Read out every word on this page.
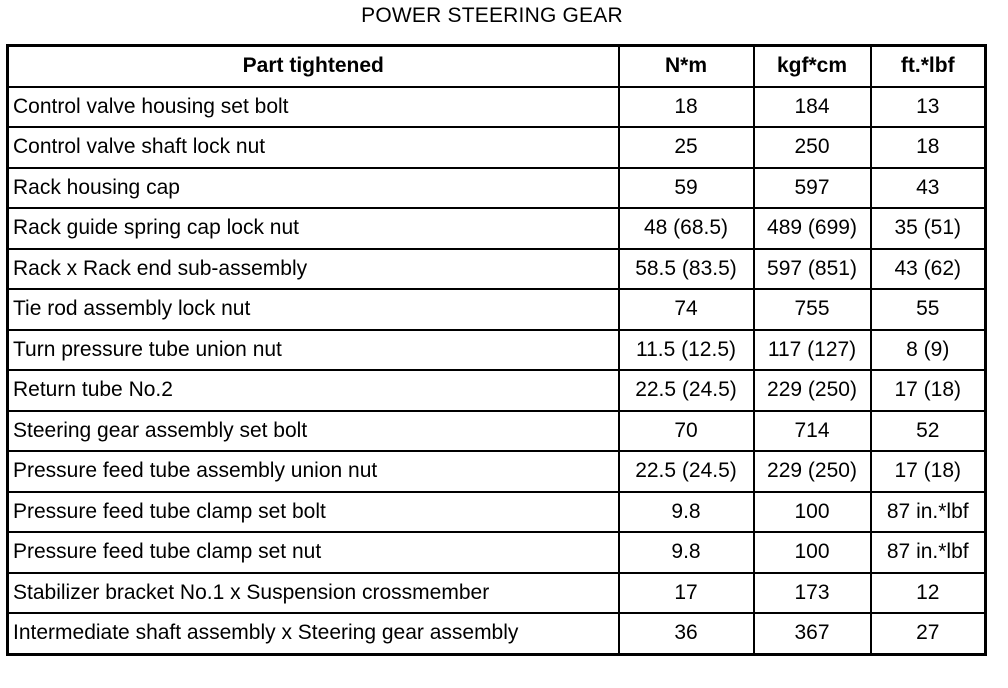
POWER STEERING GEAR
Part tightened	N*m	kgf*cm	ft.*lbf
Control valve housing set bolt	18	184	13
Control valve shaft lock nut	25	250	18
Rack housing cap	59	597	43
Rack guide spring cap lock nut	48 (68.5)	489 (699)	35 (51)
Rack x Rack end sub-assembly	58.5 (83.5)	597 (851)	43 (62)
Tie rod assembly lock nut	74	755	55
Turn pressure tube union nut	11.5 (12.5)	117 (127)	8 (9)
Return tube No.2	22.5 (24.5)	229 (250)	17 (18)
Steering gear assembly set bolt	70	714	52
Pressure feed tube assembly union nut	22.5 (24.5)	229 (250)	17 (18)
Pressure feed tube clamp set bolt	9.8	100	87 in.*lbf
Pressure feed tube clamp set nut	9.8	100	87 in.*lbf
Stabilizer bracket No.1 x Suspension crossmember	17	173	12
Intermediate shaft assembly x Steering gear assembly	36	367	27
